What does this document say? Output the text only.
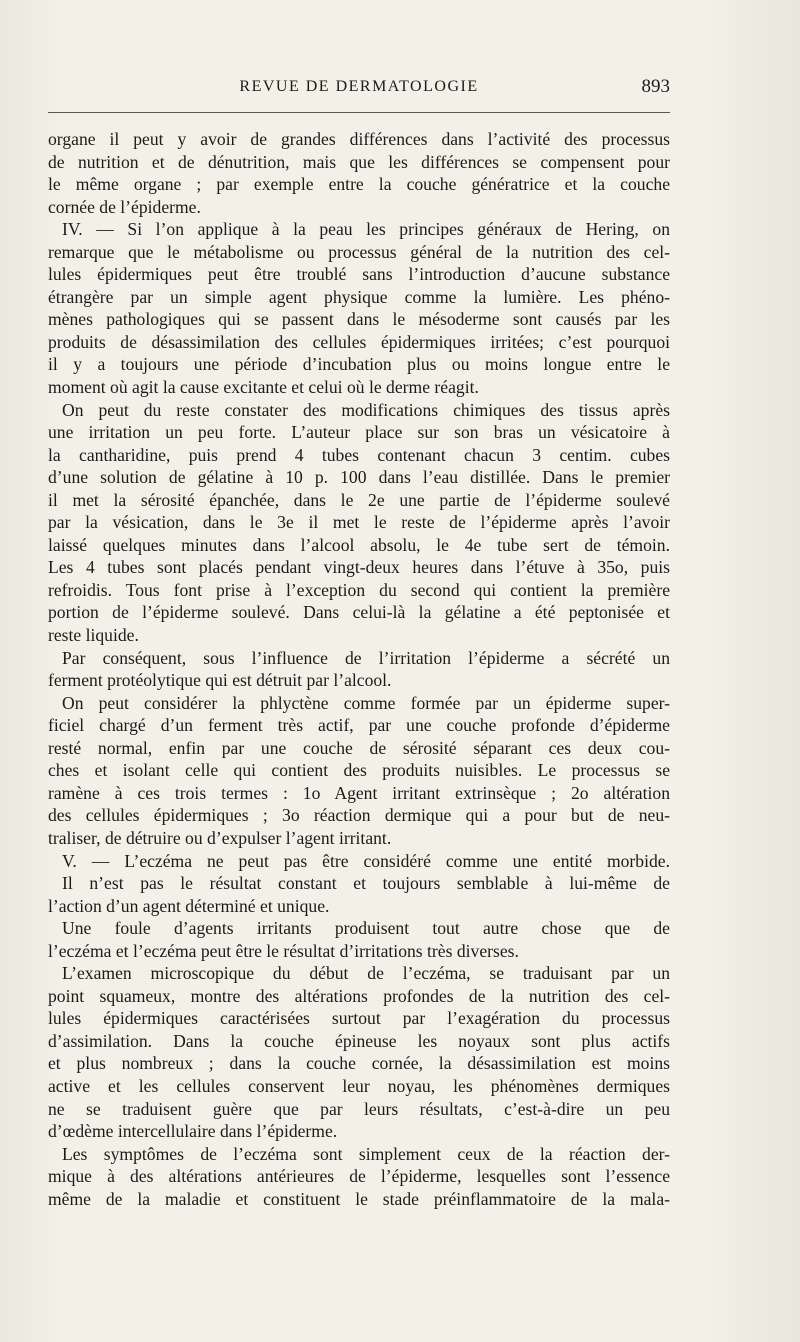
REVUE DE DERMATOLOGIE	893
organe il peut y avoir de grandes différences dans l’activité des processus
de nutrition et de dénutrition, mais que les différences se compensent pour
le même organe ; par exemple entre la couche génératrice et la couche
cornée de l’épiderme.
IV. — Si l’on applique à la peau les principes généraux de Hering, on
remarque que le métabolisme ou processus général de la nutrition des cel-
lules épidermiques peut être troublé sans l’introduction d’aucune substance
étrangère par un simple agent physique comme la lumière. Les phéno-
mènes pathologiques qui se passent dans le mésoderme sont causés par les
produits de désassimilation des cellules épidermiques irritées; c’est pourquoi
il y a toujours une période d’incubation plus ou moins longue entre le
moment où agit la cause excitante et celui où le derme réagit.
On peut du reste constater des modifications chimiques des tissus après
une irritation un peu forte. L’auteur place sur son bras un vésicatoire à
la cantharidine, puis prend 4 tubes contenant chacun 3 centim. cubes
d’une solution de gélatine à 10 p. 100 dans l’eau distillée. Dans le premier
il met la sérosité épanchée, dans le 2e une partie de l’épiderme soulevé
par la vésication, dans le 3e il met le reste de l’épiderme après l’avoir
laissé quelques minutes dans l’alcool absolu, le 4e tube sert de témoin.
Les 4 tubes sont placés pendant vingt-deux heures dans l’étuve à 35o, puis
refroidis. Tous font prise à l’exception du second qui contient la première
portion de l’épiderme soulevé. Dans celui-là la gélatine a été peptonisée et
reste liquide.
Par conséquent, sous l’influence de l’irritation l’épiderme a sécrété un
ferment protéolytique qui est détruit par l’alcool.
On peut considérer la phlyctène comme formée par un épiderme super-
ficiel chargé d’un ferment très actif, par une couche profonde d’épiderme
resté normal, enfin par une couche de sérosité séparant ces deux cou-
ches et isolant celle qui contient des produits nuisibles. Le processus se
ramène à ces trois termes : 1o Agent irritant extrinsèque ; 2o altération
des cellules épidermiques ; 3o réaction dermique qui a pour but de neu-
traliser, de détruire ou d’expulser l’agent irritant.
V. — L’eczéma ne peut pas être considéré comme une entité morbide.
Il n’est pas le résultat constant et toujours semblable à lui-même de
l’action d’un agent déterminé et unique.
Une foule d’agents irritants produisent tout autre chose que de
l’eczéma et l’eczéma peut être le résultat d’irritations très diverses.
L’examen microscopique du début de l’eczéma, se traduisant par un
point squameux, montre des altérations profondes de la nutrition des cel-
lules épidermiques caractérisées surtout par l’exagération du processus
d’assimilation. Dans la couche épineuse les noyaux sont plus actifs
et plus nombreux ; dans la couche cornée, la désassimilation est moins
active et les cellules conservent leur noyau, les phénomènes dermiques
ne se traduisent guère que par leurs résultats, c’est-à-dire un peu
d’œdème intercellulaire dans l’épiderme.
Les symptômes de l’eczéma sont simplement ceux de la réaction der-
mique à des altérations antérieures de l’épiderme, lesquelles sont l’essence
même de la maladie et constituent le stade préinflammatoire de la mala-
